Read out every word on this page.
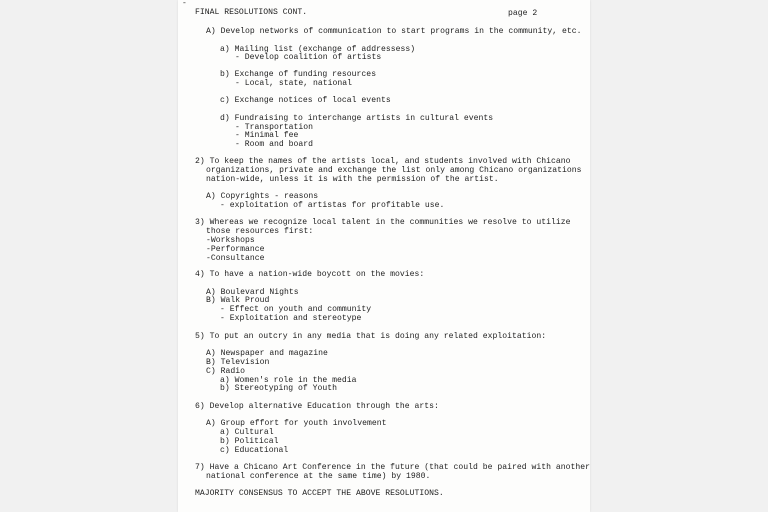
-
FINAL RESOLUTIONS CONT.	page 2
A) Develop networks of communication to start programs in the community, etc.
a) Mailing list (exchange of addressess)
- Develop coalition of artists
b) Exchange of funding resources
- Local, state, national
c) Exchange notices of local events
d) Fundraising to interchange artists in cultural events
- Transportation
- Minimal fee
- Room and board
2) To keep the names of the artists local, and students involved with Chicano
organizations, private and exchange the list only among Chicano organizations
nation-wide, unless it is with the permission of the artist.
A) Copyrights - reasons
- exploitation of artistas for profitable use.
3) Whereas we recognize local talent in the communities we resolve to utilize
those resources first:
-Workshops
-Performance
-Consultance
4) To have a nation-wide boycott on the movies:
A) Boulevard Nights
B) Walk Proud
- Effect on youth and community
- Exploitation and stereotype
5) To put an outcry in any media that is doing any related exploitation:
A) Newspaper and magazine
B) Television
C) Radio
a) Women's role in the media
b) Stereotyping of Youth
6) Develop alternative Education through the arts:
A) Group effort for youth involvement
a) Cultural
b) Political
c) Educational
7) Have a Chicano Art Conference in the future (that could be paired with another
national conference at the same time) by 1980.
MAJORITY CONSENSUS TO ACCEPT THE ABOVE RESOLUTIONS.
